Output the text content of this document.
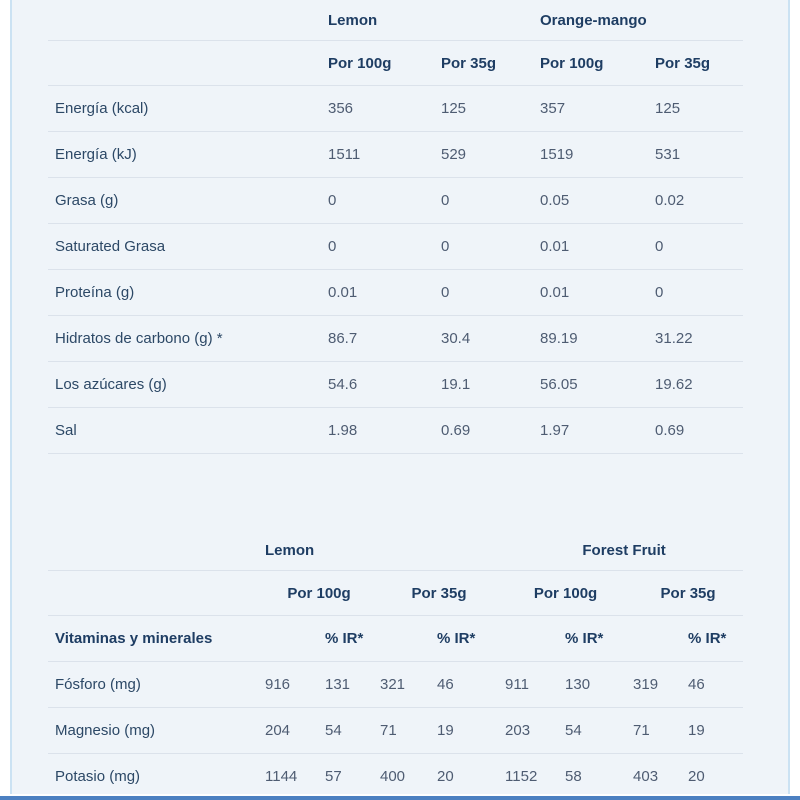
	Lemon		Orange-mango	
	Por 100g	Por 35g	Por 100g	Por 35g
Energía (kcal)	356	125	357	125
Energía (kJ)	1511	529	1519	531
Grasa (g)	0	0	0.05	0.02
Saturated Grasa	0	0	0.01	0
Proteína (g)	0.01	0	0.01	0
Hidratos de carbono (g) *	86.7	30.4	89.19	31.22
Los azúcares (g)	54.6	19.1	56.05	19.62
Sal	1.98	0.69	1.97	0.69
	Lemon				Forest Fruit			
	Por 100g		Por 35g		Por 100g		Por 35g	
Vitaminas y minerales		% IR*		% IR*		% IR*		% IR*
Fósforo (mg)	916	131	321	46	911	130	319	46
Magnesio (mg)	204	54	71	19	203	54	71	19
Potasio (mg)	1144	57	400	20	1152	58	403	20
